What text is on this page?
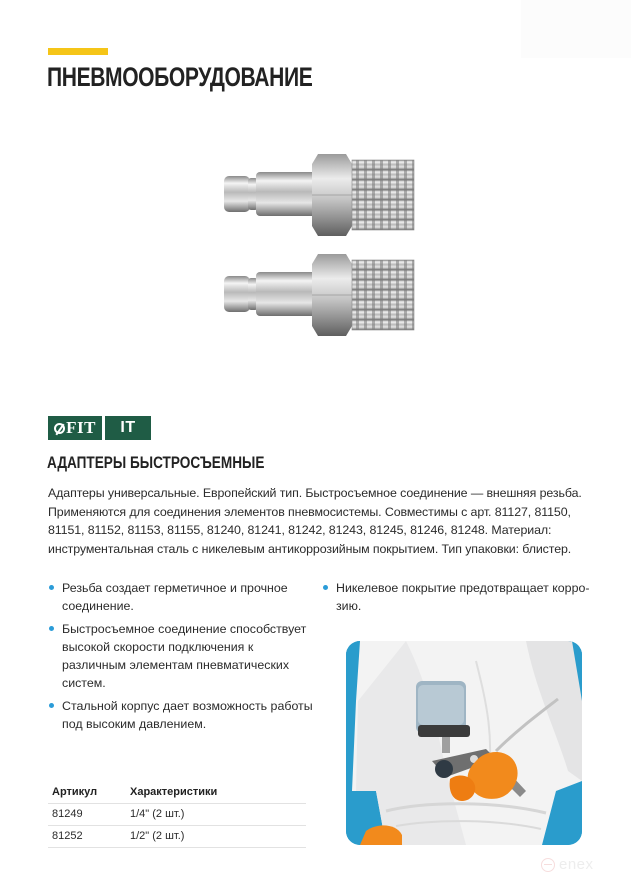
ПНЕВМООБОРУДОВАНИЕ
FIT IT
АДАПТЕРЫ БЫСТРОСЪЕМНЫЕ

Адаптеры универсальные. Европейский тип. Быстросъемное соединение — внешняя резьба. Применяются для соединения элементов пневмосистемы. Совместимы с арт. 81127, 81150, 81151, 81152, 81153, 81155, 81240, 81241, 81242, 81243, 81245, 81246, 81248. Материал: инструментальная сталь с никелевым антикоррозийным покрытием. Тип упаковки: блистер.

Резьба создает герметичное и прочное соединение.
Быстросъемное соединение способствует высокой скорости подключения к различным элементам пневматических систем.
Стальной корпус дает возможность работы под высоким давлением.
Никелевое покрытие предотвращает корро-зию.
Артикул	Характеристики
81249	1/4" (2 шт.)
81252	1/2" (2 шт.)
enex
